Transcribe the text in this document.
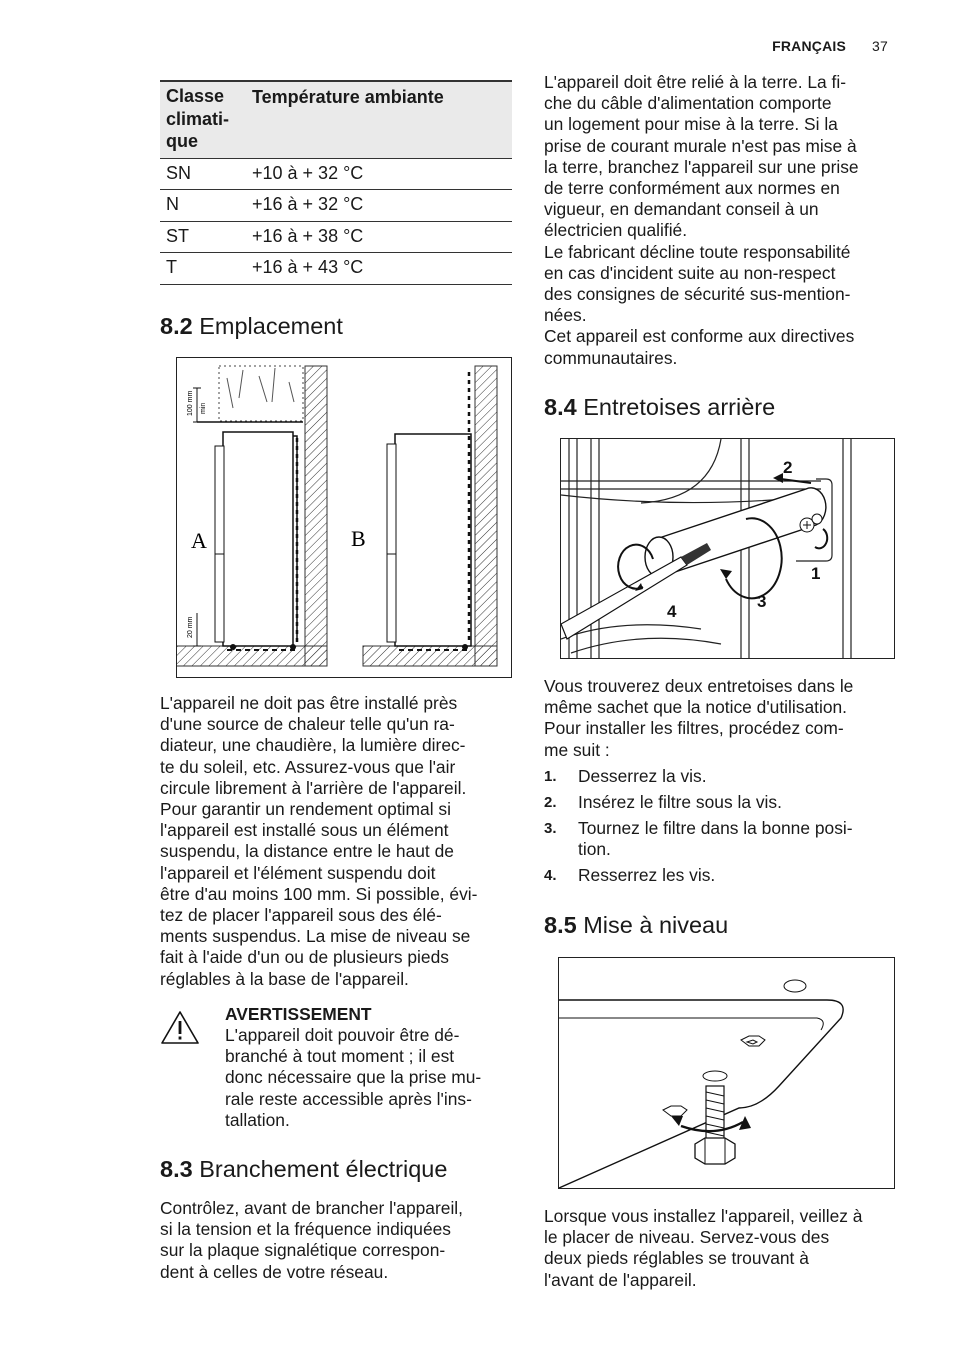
FRANÇAIS 37
Classe
climati-
que	Température ambiante
SN	+10 à + 32 °C
N	+16 à + 32 °C
ST	+16 à + 38 °C
T	+16 à + 43 °C
8.2 Emplacement
100 mm min
20 mm
A	B

L'appareil ne doit pas être installé près

d'une source de chaleur telle qu'un ra-

diateur, une chaudière, la lumière direc-

te du soleil, etc. Assurez-vous que l'air

circule librement à l'arrière de l'appareil.

Pour garantir un rendement optimal si

l'appareil est installé sous un élément

suspendu, la distance entre le haut de

l'appareil et l'élément suspendu doit

être d'au moins 100 mm. Si possible, évi-

tez de placer l'appareil sous des élé-

ments suspendus. La mise de niveau se

fait à l'aide d'un ou de plusieurs pieds

réglables à la base de l'appareil.

AVERTISSEMENT

L'appareil doit pouvoir être dé-

branché à tout moment ; il est

donc nécessaire que la prise mu-

rale reste accessible après l'ins-

tallation.

8.3 Branchement électrique

Contrôlez, avant de brancher l'appareil,

si la tension et la fréquence indiquées

sur la plaque signalétique correspon-

dent à celles de votre réseau.

L'appareil doit être relié à la terre. La fi-

che du câble d'alimentation comporte

un logement pour mise à la terre. Si la

prise de courant murale n'est pas mise à

la terre, branchez l'appareil sur une prise

de terre conformément aux normes en

vigueur, en demandant conseil à un

électricien qualifié.

Le fabricant décline toute responsabilité

en cas d'incident suite au non-respect

des consignes de sécurité sus-mention-

nées.

Cet appareil est conforme aux directives

communautaires.

8.4 Entretoises arrière
2
1
3
4

Vous trouverez deux entretoises dans le

même sachet que la notice d'utilisation.

Pour installer les filtres, procédez com-

me suit :

1. Desserrez la vis.
2. Insérez le filtre sous la vis.
3. Tournez le filtre dans la bonne posi-
tion.
4. Resserrez les vis.
8.5 Mise à niveau

Lorsque vous installez l'appareil, veillez à

le placer de niveau. Servez-vous des

deux pieds réglables se trouvant à

l'avant de l'appareil.
